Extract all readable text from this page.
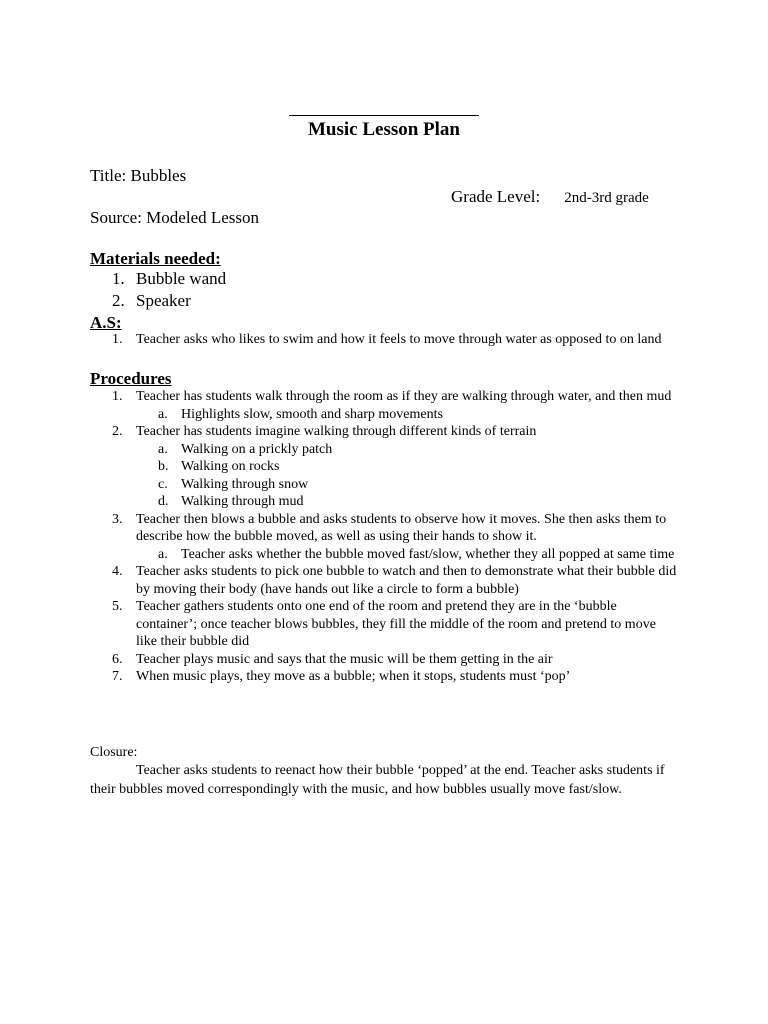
Music Lesson Plan
Title: Bubbles
Grade Level: 2nd-3rd grade
Source: Modeled Lesson
Materials needed:
1. Bubble wand
2. Speaker
A.S:
1. Teacher asks who likes to swim and how it feels to move through water as opposed to on land
Procedures
1. Teacher has students walk through the room as if they are walking through water, and then mud
a. Highlights slow, smooth and sharp movements
2. Teacher has students imagine walking through different kinds of terrain
a. Walking on a prickly patch
b. Walking on rocks
c. Walking through snow
d. Walking through mud
3. Teacher then blows a bubble and asks students to observe how it moves. She then asks them to describe how the bubble moved, as well as using their hands to show it.
a. Teacher asks whether the bubble moved fast/slow, whether they all popped at same time
4. Teacher asks students to pick one bubble to watch and then to demonstrate what their bubble did by moving their body (have hands out like a circle to form a bubble)
5. Teacher gathers students onto one end of the room and pretend they are in the ‘bubble container’; once teacher blows bubbles, they fill the middle of the room and pretend to move like their bubble did
6. Teacher plays music and says that the music will be them getting in the air
7. When music plays, they move as a bubble; when it stops, students must ‘pop’
Closure:
Teacher asks students to reenact how their bubble ‘popped’ at the end. Teacher asks students if their bubbles moved correspondingly with the music, and how bubbles usually move fast/slow.
